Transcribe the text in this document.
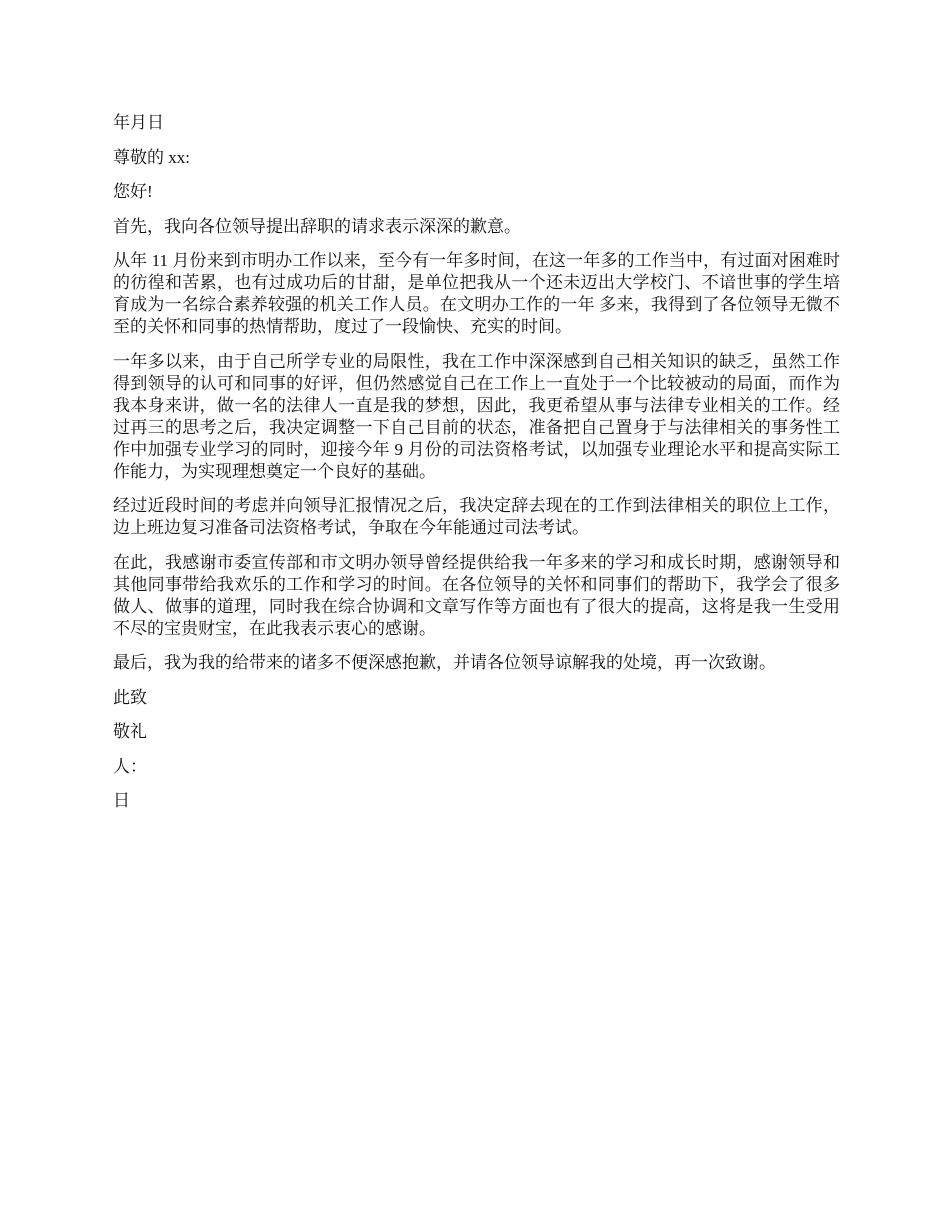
年月日

尊敬的 xx:

您好!

首先，我向各位领导提出辞职的请求表示深深的歉意。

从年 11 月份来到市明办工作以来，至今有一年多时间，在这一年多的工作当中，有过面对困难时的彷徨和苦累，也有过成功后的甘甜，是单位把我从一个还未迈出大学校门、不谙世事的学生培育成为一名综合素养较强的机关工作人员。在文明办工作的一年 多来，我得到了各位领导无微不至的关怀和同事的热情帮助，度过了一段愉快、充实的时间。

一年多以来，由于自己所学专业的局限性，我在工作中深深感到自己相关知识的缺乏，虽然工作得到领导的认可和同事的好评，但仍然感觉自己在工作上一直处于一个比较被动的局面，而作为我本身来讲，做一名的法律人一直是我的梦想，因此，我更希望从事与法律专业相关的工作。经过再三的思考之后，我决定调整一下自己目前的状态，准备把自己置身于与法律相关的事务性工作中加强专业学习的同时，迎接今年 9 月份的司法资格考试，以加强专业理论水平和提高实际工作能力，为实现理想奠定一个良好的基础。

经过近段时间的考虑并向领导汇报情况之后，我决定辞去现在的工作到法律相关的职位上工作，边上班边复习准备司法资格考试，争取在今年能通过司法考试。

在此，我感谢市委宣传部和市文明办领导曾经提供给我一年多来的学习和成长时期，感谢领导和其他同事带给我欢乐的工作和学习的时间。在各位领导的关怀和同事们的帮助下，我学会了很多做人、做事的道理，同时我在综合协调和文章写作等方面也有了很大的提高，这将是我一生受用不尽的宝贵财宝，在此我表示衷心的感谢。

最后，我为我的给带来的诸多不便深感抱歉，并请各位领导谅解我的处境，再一次致谢。

此致

敬礼

人：

日
